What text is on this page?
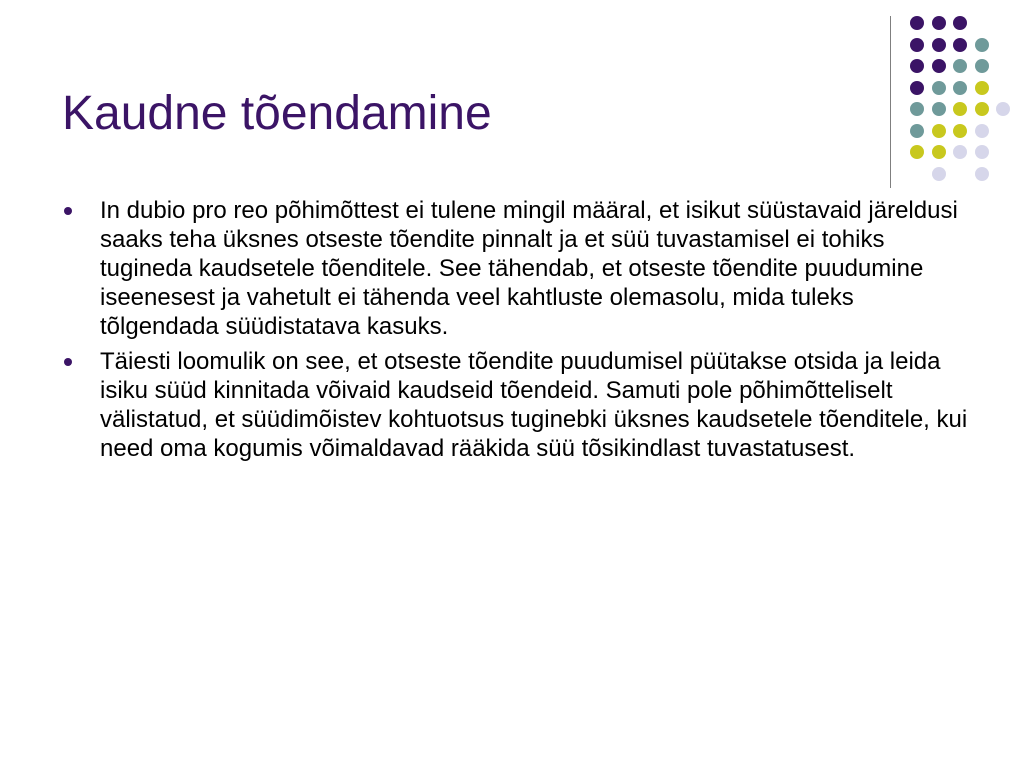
Kaudne tõendamine
In dubio pro reo põhimõttest ei tulene mingil määral, et isikut süüstavaid järeldusi saaks teha üksnes otseste tõendite pinnalt ja et süü tuvastamisel ei tohiks tugineda kaudsetele tõenditele. See tähendab, et otseste tõendite puudumine iseenesest ja vahetult ei tähenda veel kahtluste olemasolu, mida tuleks tõlgendada süüdistatava kasuks.
Täiesti loomulik on see, et otseste tõendite puudumisel püütakse otsida ja leida isiku süüd kinnitada võivaid kaudseid tõendeid. Samuti pole põhimõtteliselt välistatud, et süüdimõistev kohtuotsus tuginebki üksnes kaudsetele tõenditele, kui need oma kogumis võimaldavad rääkida süü tõsikindlast tuvastatusest.
